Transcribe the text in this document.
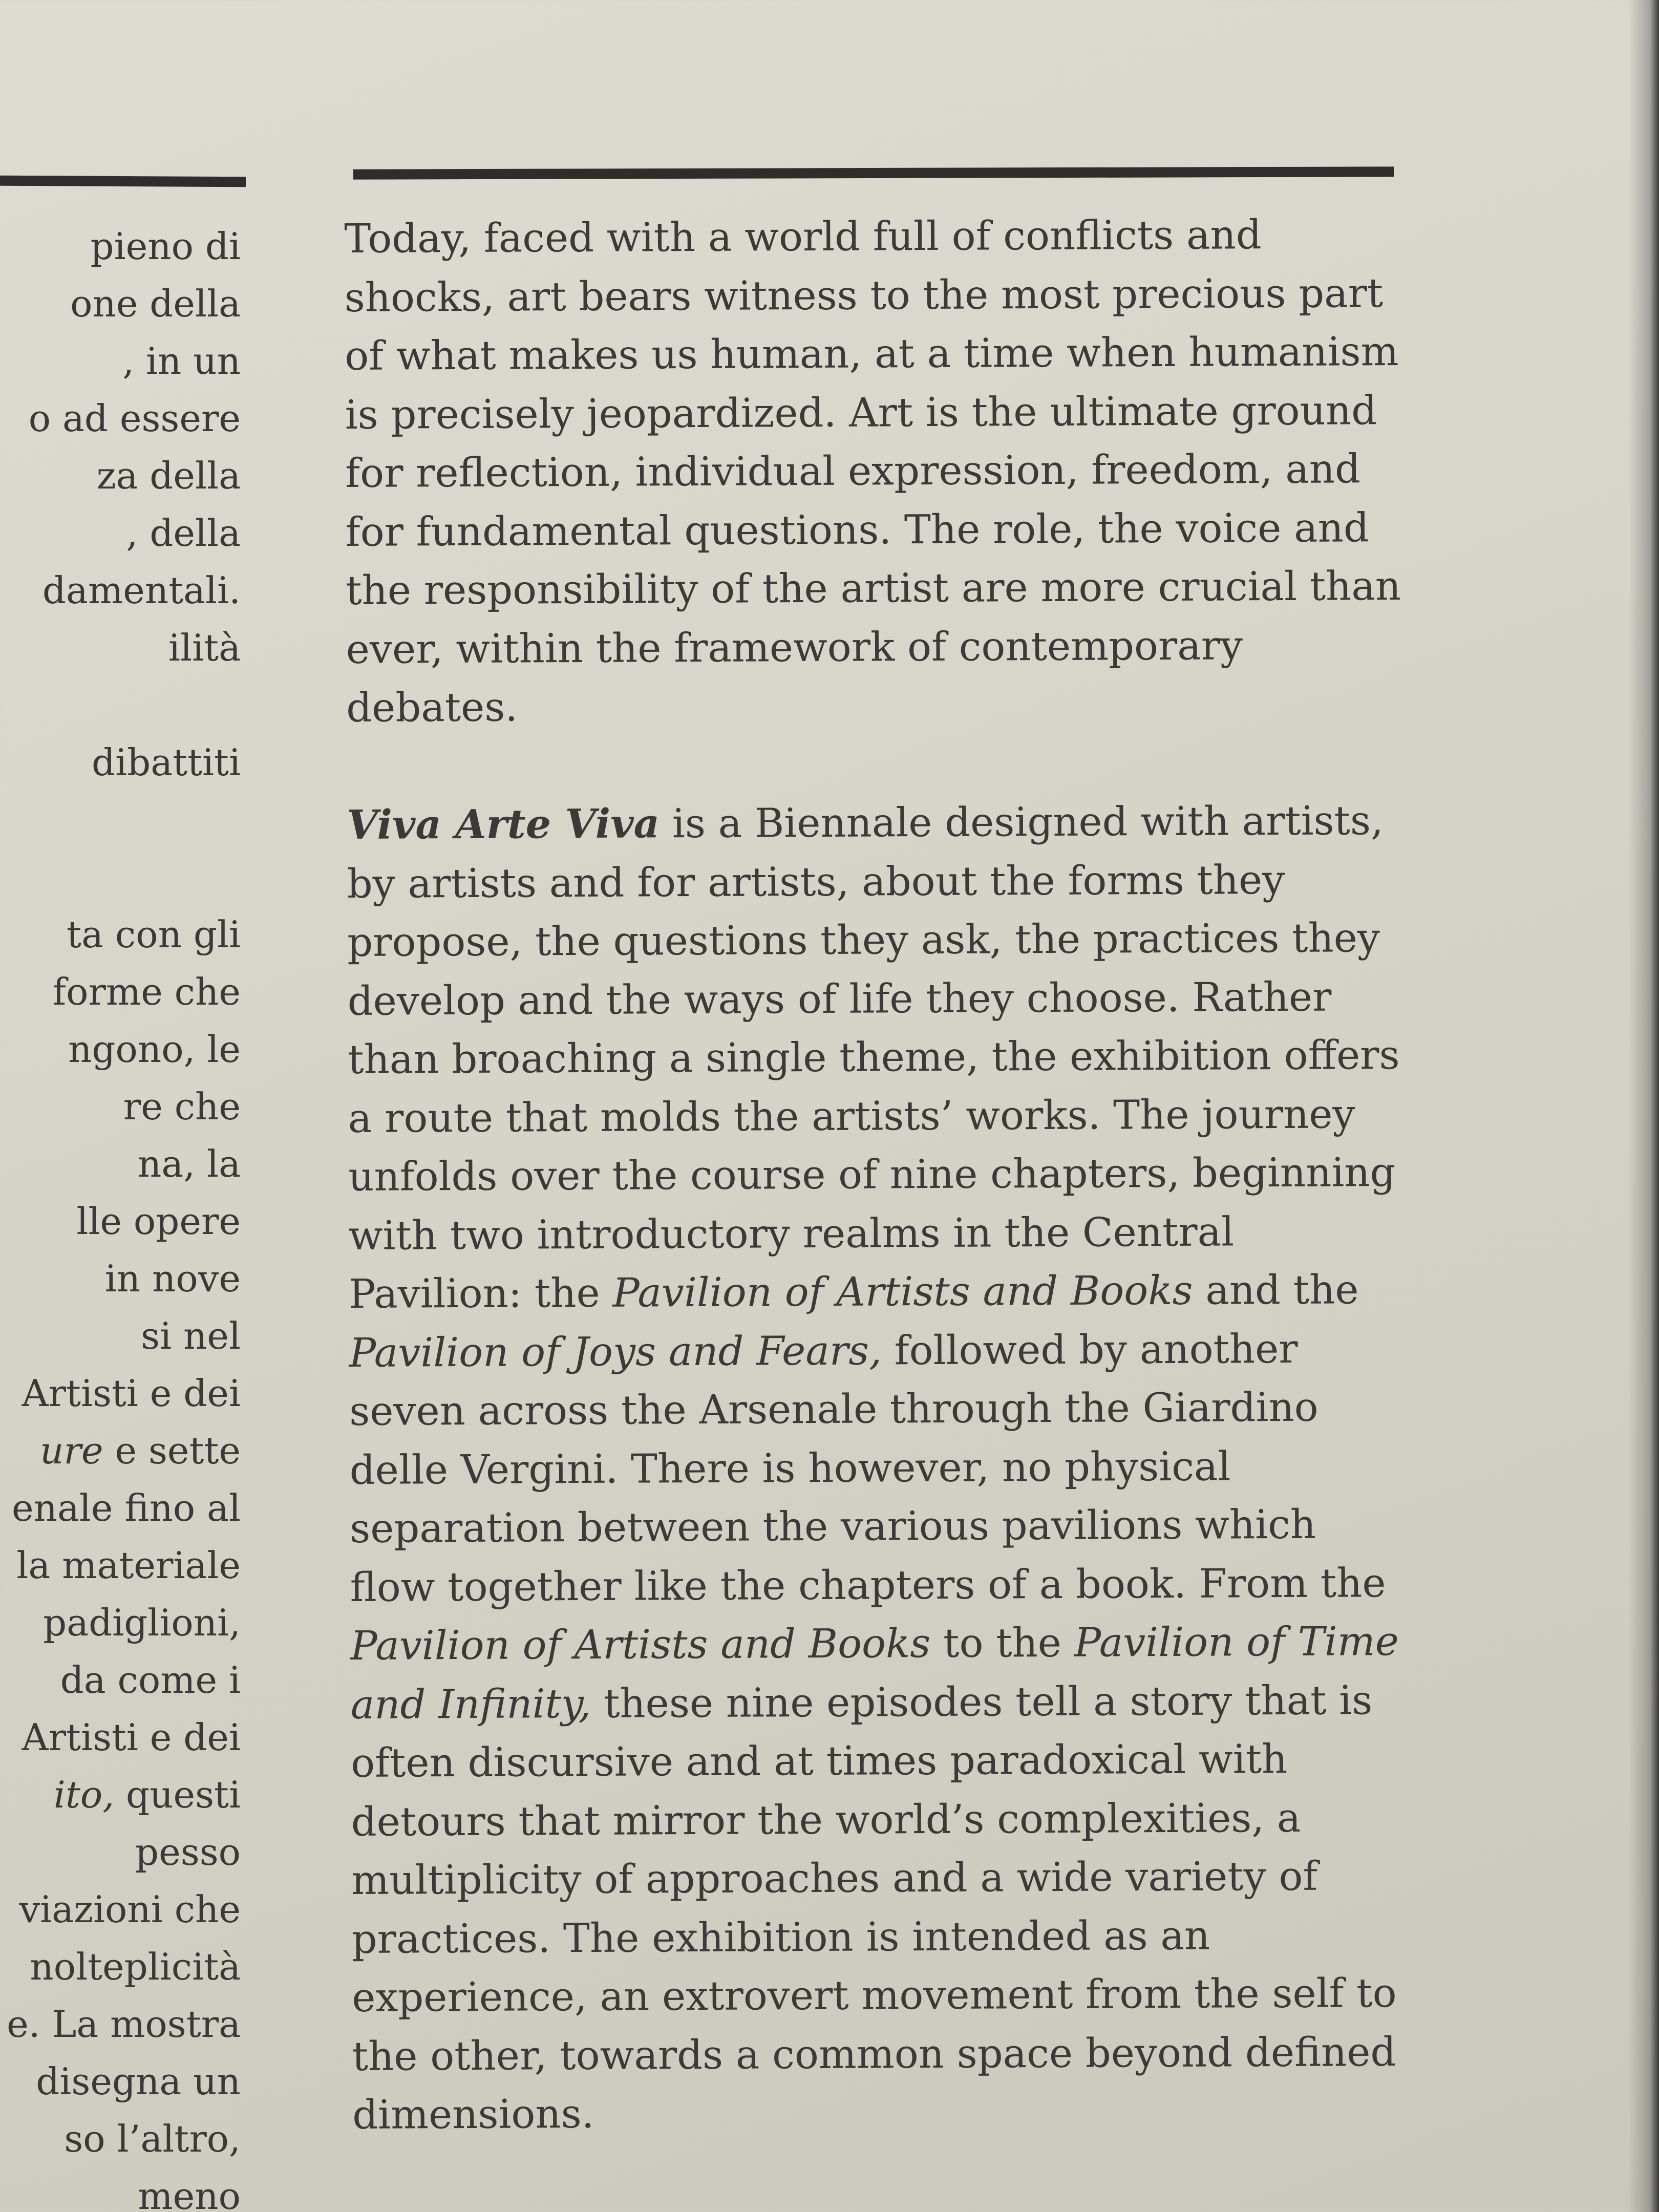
pieno di
one della
, in un
o ad essere
za della
, della
damentali.
ilità
dibattiti
ta con gli
forme che
ngono, le
re che
na, la
lle opere
in nove
si nel
Artisti e dei
ure e sette
enale fino al
la materiale
padiglioni,
da come i
Artisti e dei
ito, questi
pesso
viazioni che
nolteplicità
e. La mostra
disegna un
so l’altro,
meno
Today, faced with a world full of conflicts and
shocks, art bears witness to the most precious part
of what makes us human, at a time when humanism
is precisely jeopardized. Art is the ultimate ground
for reflection, individual expression, freedom, and
for fundamental questions. The role, the voice and
the responsibility of the artist are more crucial than
ever, within the framework of contemporary
debates.
Viva Arte Viva is a Biennale designed with artists,
by artists and for artists, about the forms they
propose, the questions they ask, the practices they
develop and the ways of life they choose. Rather
than broaching a single theme, the exhibition offers
a route that molds the artists’ works. The journey
unfolds over the course of nine chapters, beginning
with two introductory realms in the Central
Pavilion: the Pavilion of Artists and Books and the
Pavilion of Joys and Fears, followed by another
seven across the Arsenale through the Giardino
delle Vergini. There is however, no physical
separation between the various pavilions which
flow together like the chapters of a book. From the
Pavilion of Artists and Books to the Pavilion of Time
and Infinity, these nine episodes tell a story that is
often discursive and at times paradoxical with
detours that mirror the world’s complexities, a
multiplicity of approaches and a wide variety of
practices. The exhibition is intended as an
experience, an extrovert movement from the self to
the other, towards a common space beyond defined
dimensions.
